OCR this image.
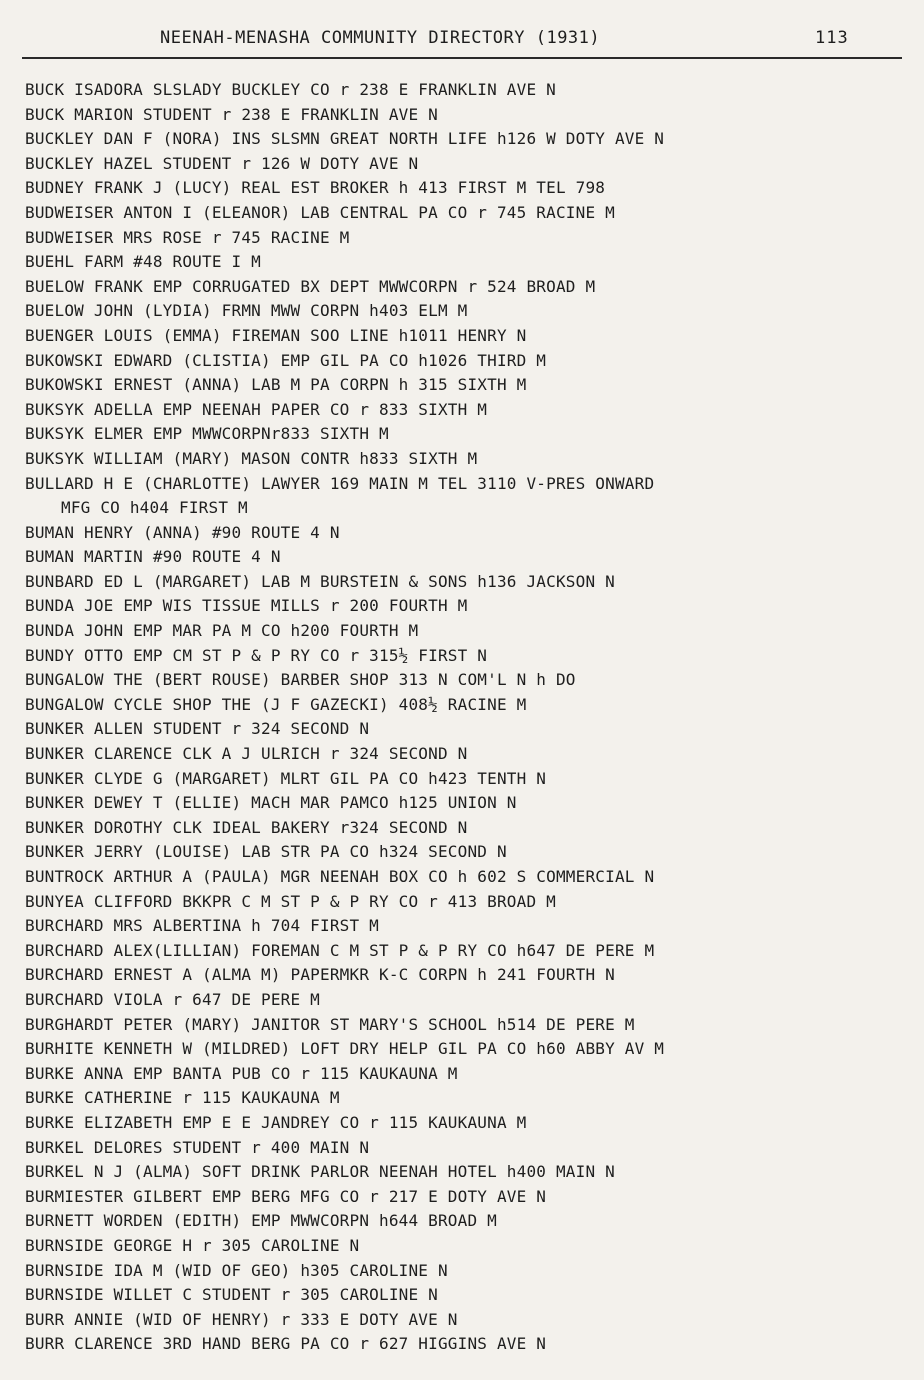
NEENAH-MENASHA COMMUNITY DIRECTORY (1931)	113
BUCK ISADORA SLSLADY BUCKLEY CO r 238 E FRANKLIN AVE N
BUCK MARION STUDENT r 238 E FRANKLIN AVE N
BUCKLEY DAN F (NORA) INS SLSMN GREAT NORTH LIFE h126 W DOTY AVE N
BUCKLEY HAZEL STUDENT r 126 W DOTY AVE N
BUDNEY FRANK J (LUCY) REAL EST BROKER h 413 FIRST M TEL 798
BUDWEISER ANTON I (ELEANOR) LAB CENTRAL PA CO r 745 RACINE M
BUDWEISER MRS ROSE r 745 RACINE M
BUEHL FARM #48 ROUTE I M
BUELOW FRANK EMP CORRUGATED BX DEPT MWWCORPN r 524 BROAD M
BUELOW JOHN (LYDIA) FRMN MWW CORPN h403 ELM M
BUENGER LOUIS (EMMA) FIREMAN SOO LINE h1011 HENRY N
BUKOWSKI EDWARD (CLISTIA) EMP GIL PA CO h1026 THIRD M
BUKOWSKI ERNEST (ANNA) LAB M PA CORPN h 315 SIXTH M
BUKSYK ADELLA EMP NEENAH PAPER CO r 833 SIXTH M
BUKSYK ELMER EMP MWWCORPNr833 SIXTH M
BUKSYK WILLIAM (MARY) MASON CONTR h833 SIXTH M
BULLARD H E (CHARLOTTE) LAWYER 169 MAIN M TEL 3110 V-PRES ONWARD
MFG CO h404 FIRST M
BUMAN HENRY (ANNA) #90 ROUTE 4 N
BUMAN MARTIN #90 ROUTE 4 N
BUNBARD ED L (MARGARET) LAB M BURSTEIN & SONS h136 JACKSON N
BUNDA JOE EMP WIS TISSUE MILLS r 200 FOURTH M
BUNDA JOHN EMP MAR PA M CO h200 FOURTH M
BUNDY OTTO EMP CM ST P & P RY CO r 315½ FIRST N
BUNGALOW THE (BERT ROUSE) BARBER SHOP 313 N COM'L N h DO
BUNGALOW CYCLE SHOP THE (J F GAZECKI) 408½ RACINE M
BUNKER ALLEN STUDENT r 324 SECOND N
BUNKER CLARENCE CLK A J ULRICH r 324 SECOND N
BUNKER CLYDE G (MARGARET) MLRT GIL PA CO h423 TENTH N
BUNKER DEWEY T (ELLIE) MACH MAR PAMCO h125 UNION N
BUNKER DOROTHY CLK IDEAL BAKERY r324 SECOND N
BUNKER JERRY (LOUISE) LAB STR PA CO h324 SECOND N
BUNTROCK ARTHUR A (PAULA) MGR NEENAH BOX CO h 602 S COMMERCIAL N
BUNYEA CLIFFORD BKKPR C M ST P & P RY CO r 413 BROAD M
BURCHARD MRS ALBERTINA h 704 FIRST M
BURCHARD ALEX(LILLIAN) FOREMAN C M ST P & P RY CO h647 DE PERE M
BURCHARD ERNEST A (ALMA M) PAPERMKR K-C CORPN h 241 FOURTH N
BURCHARD VIOLA r 647 DE PERE M
BURGHARDT PETER (MARY) JANITOR ST MARY'S SCHOOL h514 DE PERE M
BURHITE KENNETH W (MILDRED) LOFT DRY HELP GIL PA CO h60 ABBY AV M
BURKE ANNA EMP BANTA PUB CO r 115 KAUKAUNA M
BURKE CATHERINE r 115 KAUKAUNA M
BURKE ELIZABETH EMP E E JANDREY CO r 115 KAUKAUNA M
BURKEL DELORES STUDENT r 400 MAIN N
BURKEL N J (ALMA) SOFT DRINK PARLOR NEENAH HOTEL h400 MAIN N
BURMIESTER GILBERT EMP BERG MFG CO r 217 E DOTY AVE N
BURNETT WORDEN (EDITH) EMP MWWCORPN h644 BROAD M
BURNSIDE GEORGE H r 305 CAROLINE N
BURNSIDE IDA M (WID OF GEO) h305 CAROLINE N
BURNSIDE WILLET C STUDENT r 305 CAROLINE N
BURR ANNIE (WID OF HENRY) r 333 E DOTY AVE N
BURR CLARENCE 3RD HAND BERG PA CO r 627 HIGGINS AVE N
